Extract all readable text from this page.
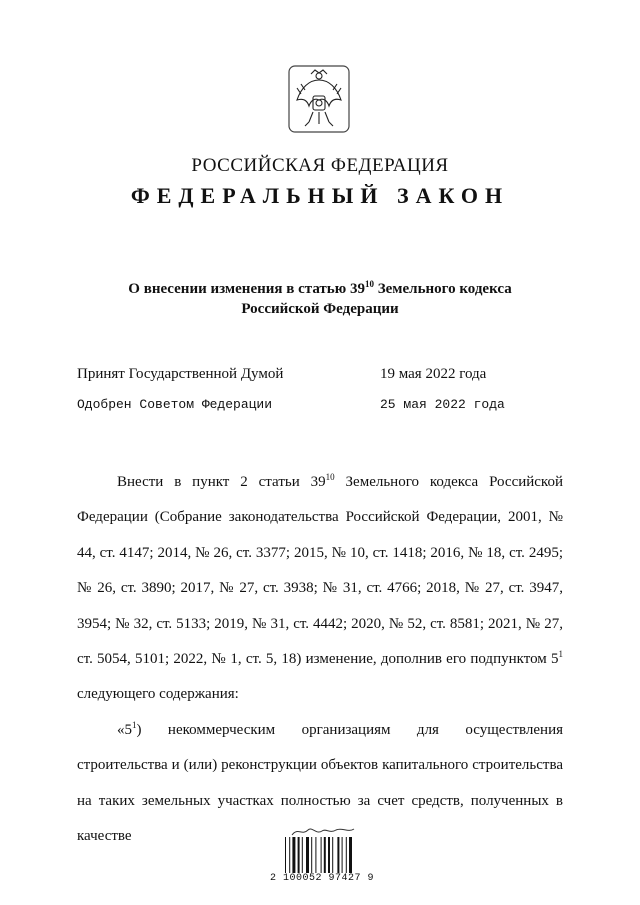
РОССИЙСКАЯ ФЕДЕРАЦИЯ
ФЕДЕРАЛЬНЫЙ ЗАКОН
О внесении изменения в статью $39^{10}$ Земельного кодекса
Российской Федерации
Принят Государственной Думой	19 мая 2022 года
Одобрен Советом Федерации	25 мая 2022 года

Внести в пункт 2 статьи $39^{10}$ Земельного кодекса Российской Федерации (Собрание законодательства Российской Федерации, 2001, № 44, ст. 4147; 2014, № 26, ст. 3377; 2015, № 10, ст. 1418; 2016, № 18, ст. 2495; № 26, ст. 3890; 2017, № 27, ст. 3938; № 31, ст. 4766; 2018, № 27, ст. 3947, 3954; № 32, ст. 5133; 2019, № 31, ст. 4442; 2020, № 52, ст. 8581; 2021, № 27, ст. 5054, 5101; 2022, № 1, ст. 5, 18) изменение, дополнив его подпунктом $5^1$ следующего содержания:

«$5^1$) некоммерческим организациям для осуществления строительства и (или) реконструкции объектов капитального строительства на таких земельных участках полностью за счет средств, полученных в качестве

2 100052 97427 9
